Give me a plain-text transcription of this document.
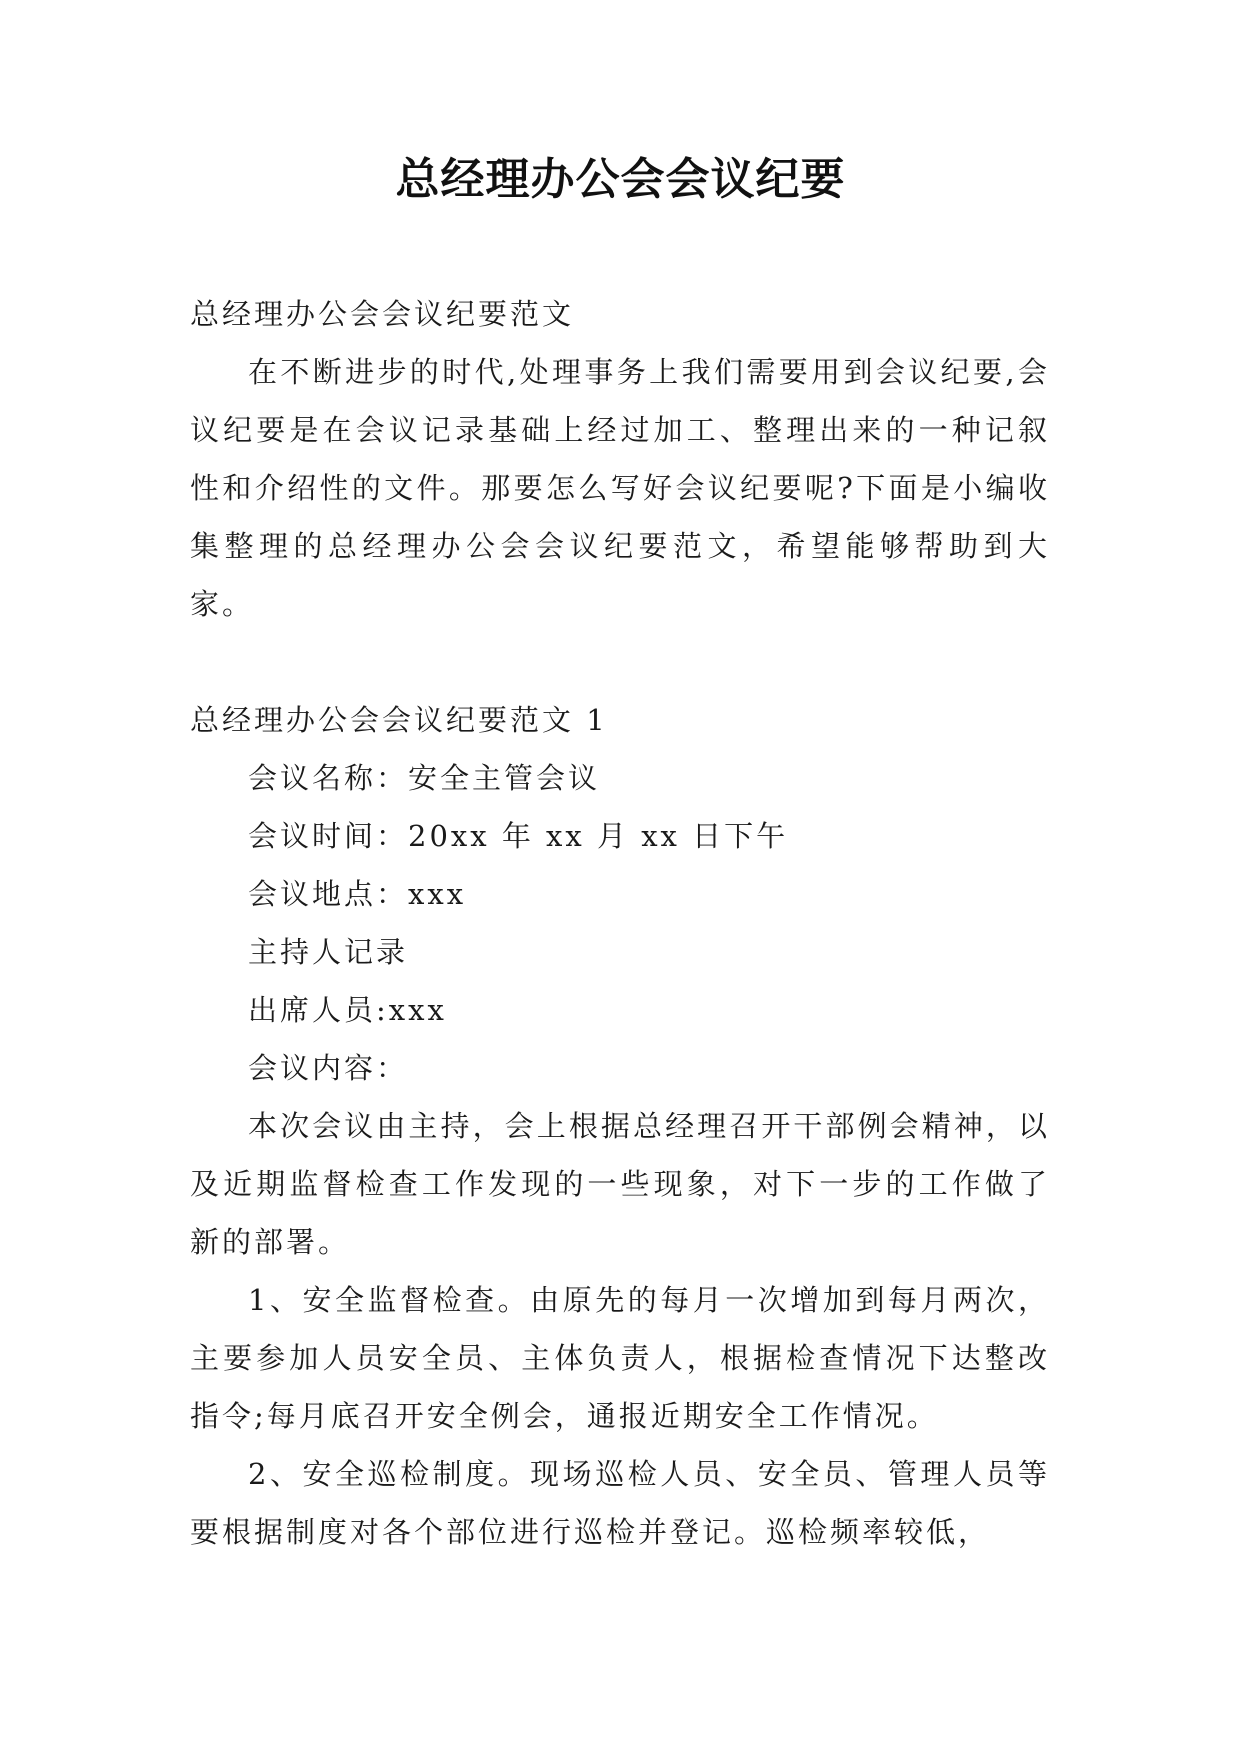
总经理办公会会议纪要

总经理办公会会议纪要范文

在不断进步的时代,处理事务上我们需要用到会议纪要,会议纪要是在会议记录基础上经过加工、整理出来的一种记叙性和介绍性的文件。那要怎么写好会议纪要呢?下面是小编收集整理的总经理办公会会议纪要范文，希望能够帮助到大家。

总经理办公会会议纪要范文 1

会议名称：安全主管会议

会议时间：20xx 年 xx 月 xx 日下午

会议地点：xxx

主持人记录

出席人员:xxx

会议内容：

本次会议由主持，会上根据总经理召开干部例会精神，以及近期监督检查工作发现的一些现象，对下一步的工作做了新的部署。

1、安全监督检查。由原先的每月一次增加到每月两次，主要参加人员安全员、主体负责人，根据检查情况下达整改指令;每月底召开安全例会，通报近期安全工作情况。

2、安全巡检制度。现场巡检人员、安全员、管理人员等要根据制度对各个部位进行巡检并登记。巡检频率较低，
